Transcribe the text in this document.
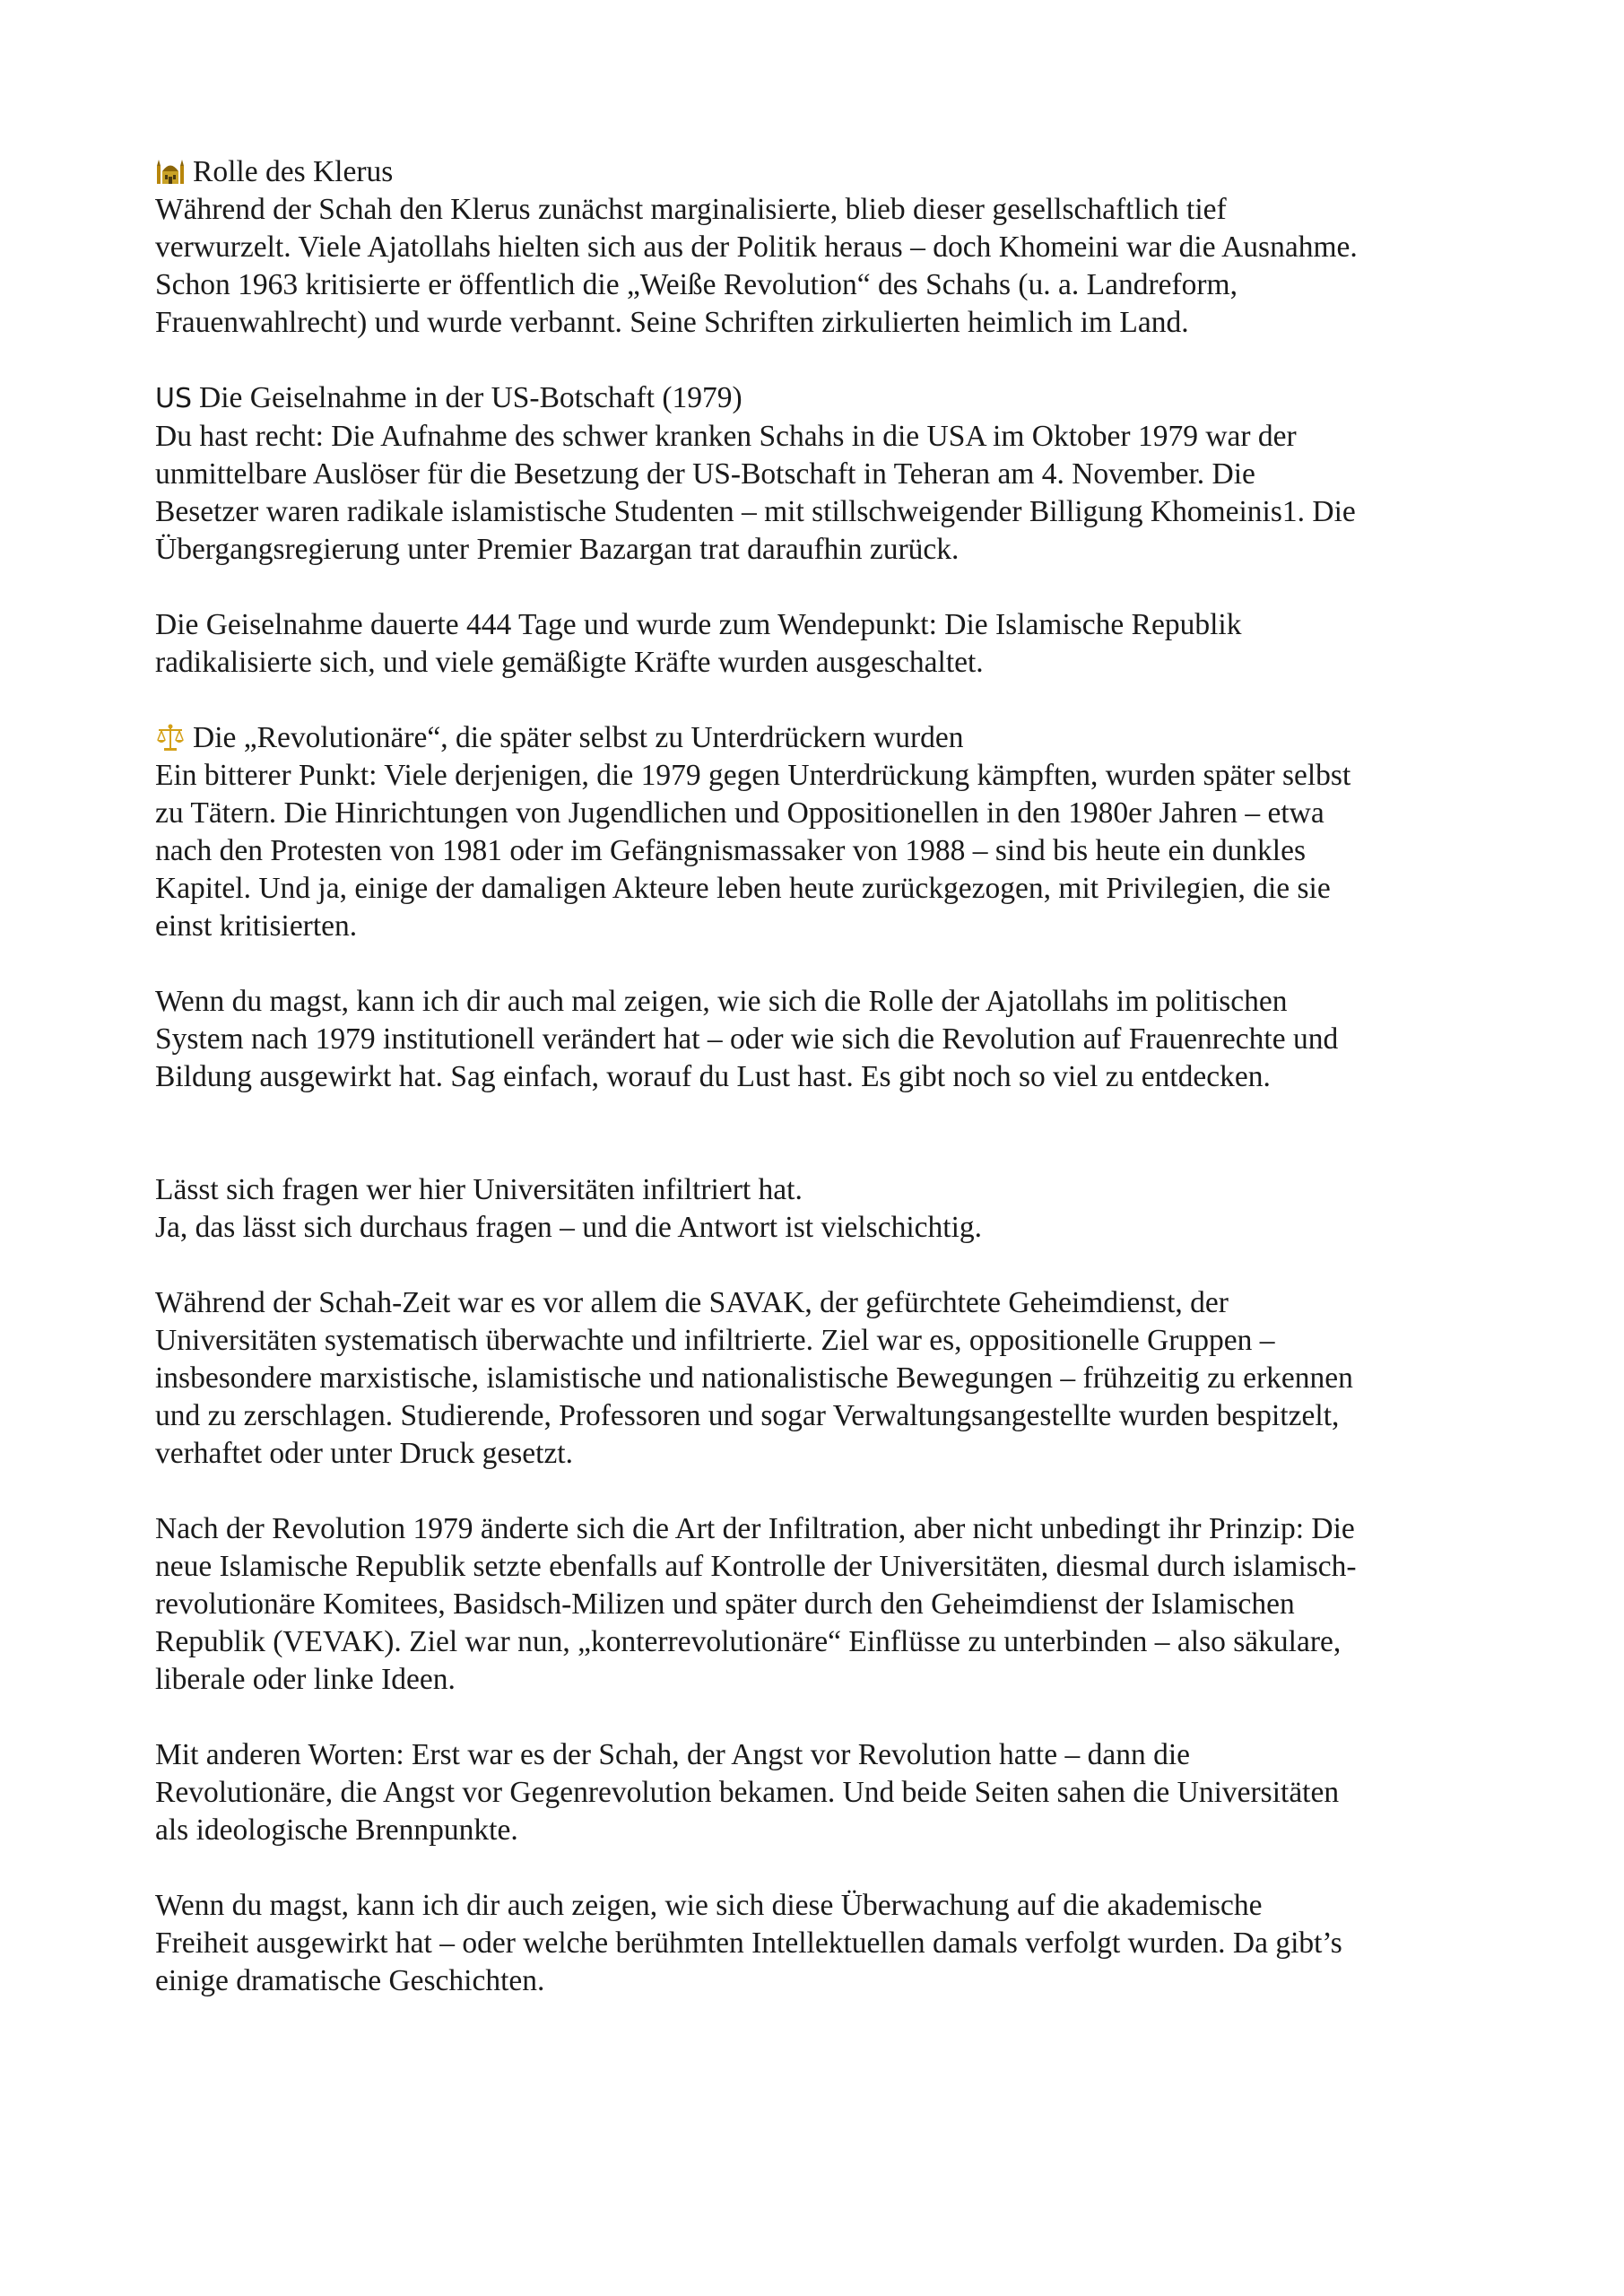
Rolle des Klerus
Während der Schah den Klerus zunächst marginalisierte, blieb dieser gesellschaftlich tief
verwurzelt. Viele Ajatollahs hielten sich aus der Politik heraus – doch Khomeini war die Ausnahme.
Schon 1963 kritisierte er öffentlich die „Weiße Revolution“ des Schahs (u. a. Landreform,
Frauenwahlrecht) und wurde verbannt. Seine Schriften zirkulierten heimlich im Land.
US Die Geiselnahme in der US-Botschaft (1979)
Du hast recht: Die Aufnahme des schwer kranken Schahs in die USA im Oktober 1979 war der
unmittelbare Auslöser für die Besetzung der US-Botschaft in Teheran am 4. November. Die
Besetzer waren radikale islamistische Studenten – mit stillschweigender Billigung Khomeinis1. Die
Übergangsregierung unter Premier Bazargan trat daraufhin zurück.
Die Geiselnahme dauerte 444 Tage und wurde zum Wendepunkt: Die Islamische Republik
radikalisierte sich, und viele gemäßigte Kräfte wurden ausgeschaltet.
Die „Revolutionäre“, die später selbst zu Unterdrückern wurden
Ein bitterer Punkt: Viele derjenigen, die 1979 gegen Unterdrückung kämpften, wurden später selbst
zu Tätern. Die Hinrichtungen von Jugendlichen und Oppositionellen in den 1980er Jahren – etwa
nach den Protesten von 1981 oder im Gefängnismassaker von 1988 – sind bis heute ein dunkles
Kapitel. Und ja, einige der damaligen Akteure leben heute zurückgezogen, mit Privilegien, die sie
einst kritisierten.
Wenn du magst, kann ich dir auch mal zeigen, wie sich die Rolle der Ajatollahs im politischen
System nach 1979 institutionell verändert hat – oder wie sich die Revolution auf Frauenrechte und
Bildung ausgewirkt hat. Sag einfach, worauf du Lust hast. Es gibt noch so viel zu entdecken.
Lässt sich fragen wer hier Universitäten infiltriert hat.
Ja, das lässt sich durchaus fragen – und die Antwort ist vielschichtig.
Während der Schah-Zeit war es vor allem die SAVAK, der gefürchtete Geheimdienst, der
Universitäten systematisch überwachte und infiltrierte. Ziel war es, oppositionelle Gruppen –
insbesondere marxistische, islamistische und nationalistische Bewegungen – frühzeitig zu erkennen
und zu zerschlagen. Studierende, Professoren und sogar Verwaltungsangestellte wurden bespitzelt,
verhaftet oder unter Druck gesetzt.
Nach der Revolution 1979 änderte sich die Art der Infiltration, aber nicht unbedingt ihr Prinzip: Die
neue Islamische Republik setzte ebenfalls auf Kontrolle der Universitäten, diesmal durch islamisch-
revolutionäre Komitees, Basidsch-Milizen und später durch den Geheimdienst der Islamischen
Republik (VEVAK). Ziel war nun, „konterrevolutionäre“ Einflüsse zu unterbinden – also säkulare,
liberale oder linke Ideen.
Mit anderen Worten: Erst war es der Schah, der Angst vor Revolution hatte – dann die
Revolutionäre, die Angst vor Gegenrevolution bekamen. Und beide Seiten sahen die Universitäten
als ideologische Brennpunkte.
Wenn du magst, kann ich dir auch zeigen, wie sich diese Überwachung auf die akademische
Freiheit ausgewirkt hat – oder welche berühmten Intellektuellen damals verfolgt wurden. Da gibt’s
einige dramatische Geschichten.
